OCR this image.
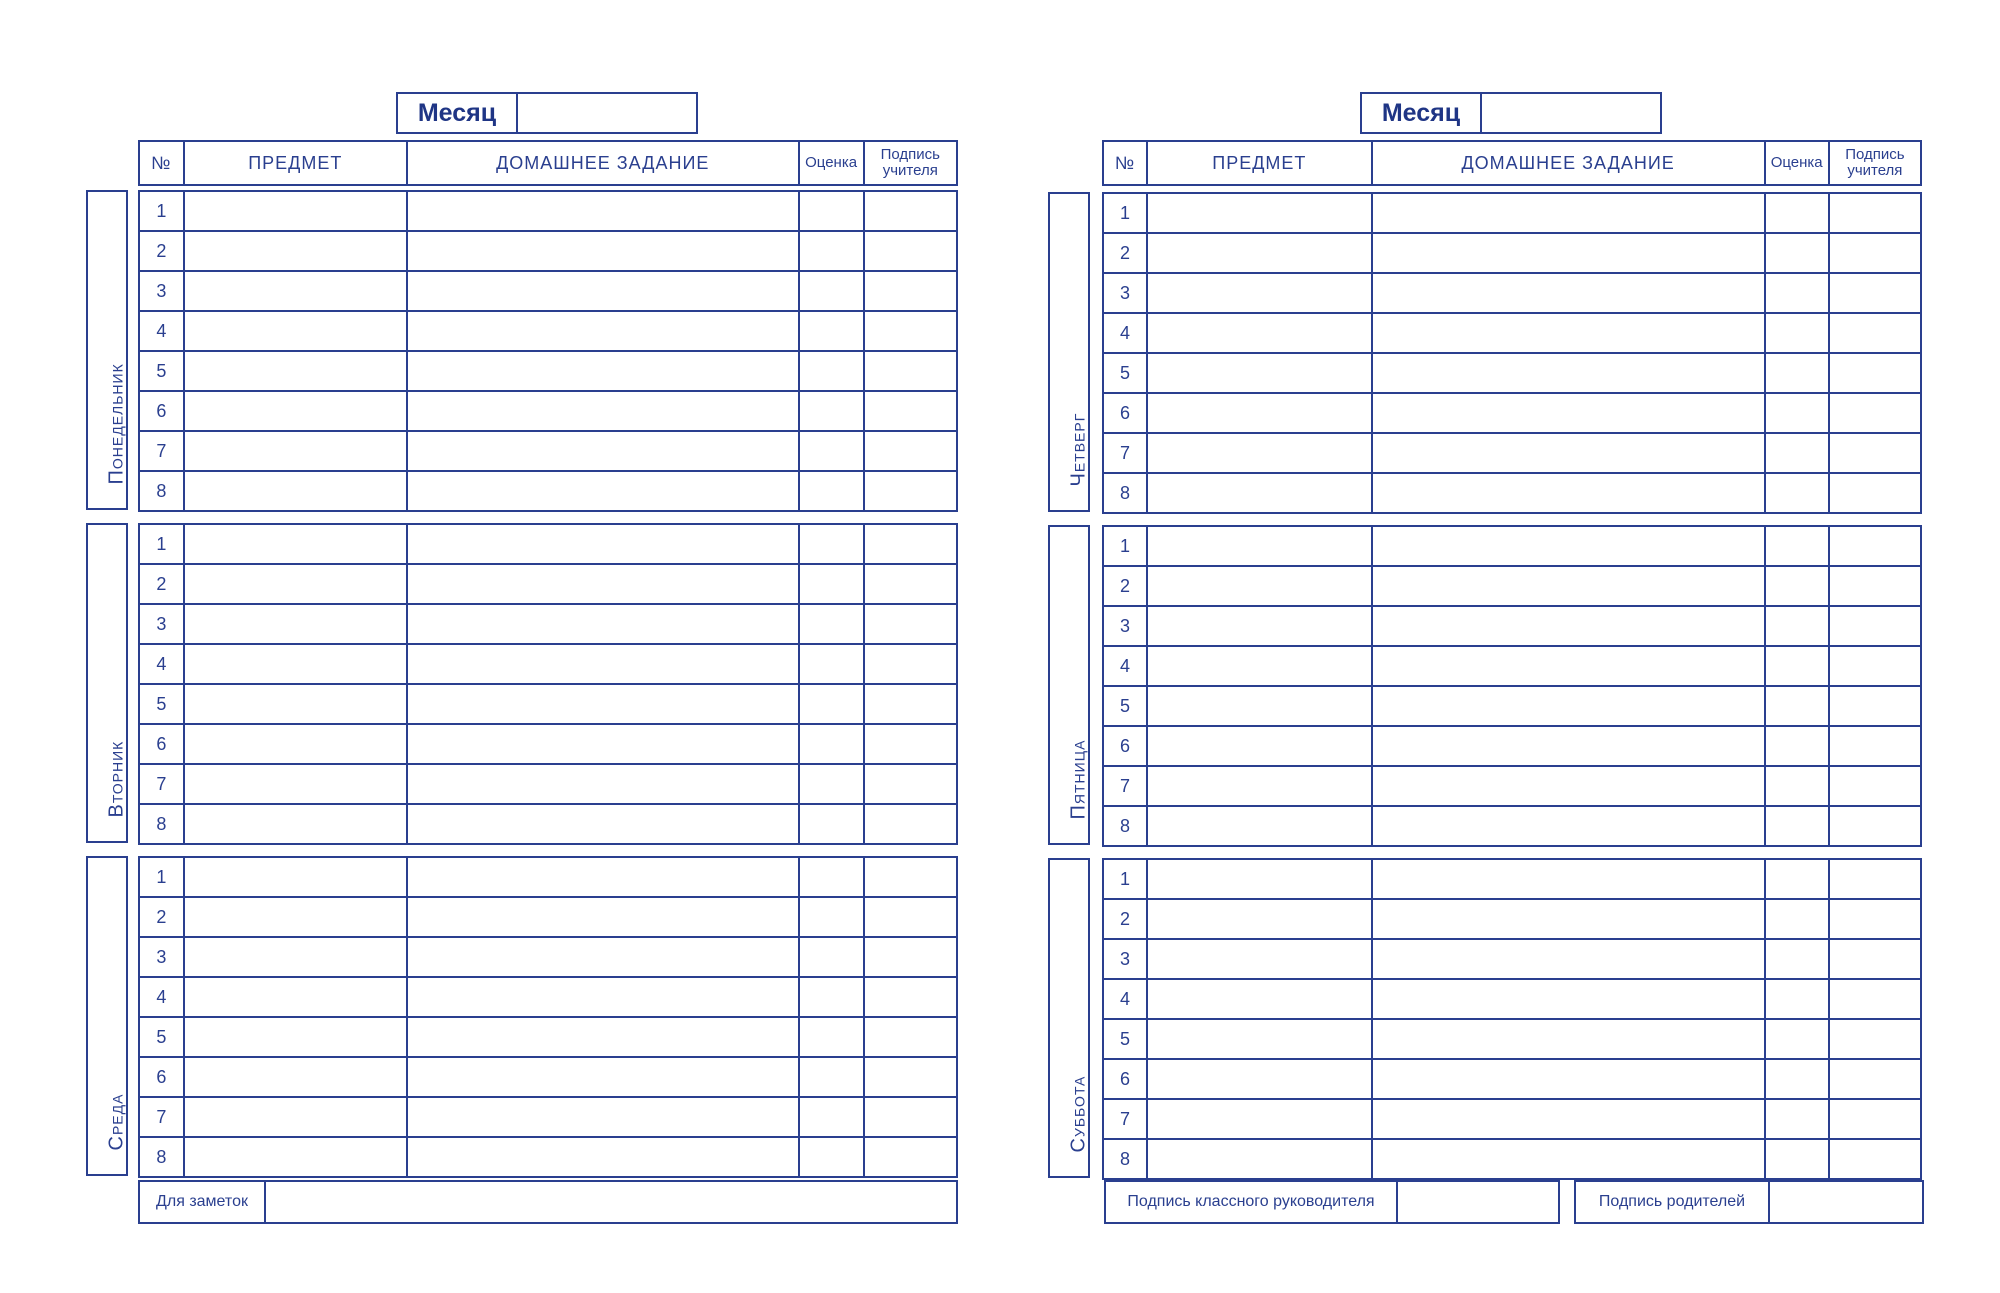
Месяц
№	ПРЕДМЕТ	ДОМАШНЕЕ ЗАДАНИЕ	Оценка	Подпись учителя
Понедельник
1				
2				
3				
4				
5				
6				
7				
8				
Вторник
1				
2				
3				
4				
5				
6				
7				
8				
Среда
1				
2				
3				
4				
5				
6				
7				
8				
Для заметок
Месяц
№	ПРЕДМЕТ	ДОМАШНЕЕ ЗАДАНИЕ	Оценка	Подпись учителя
Четверг
1				
2				
3				
4				
5				
6				
7				
8				
Пятница
1				
2				
3				
4				
5				
6				
7				
8				
Суббота
1				
2				
3				
4				
5				
6				
7				
8				
Подпись классного руководителя	Подпись родителей
